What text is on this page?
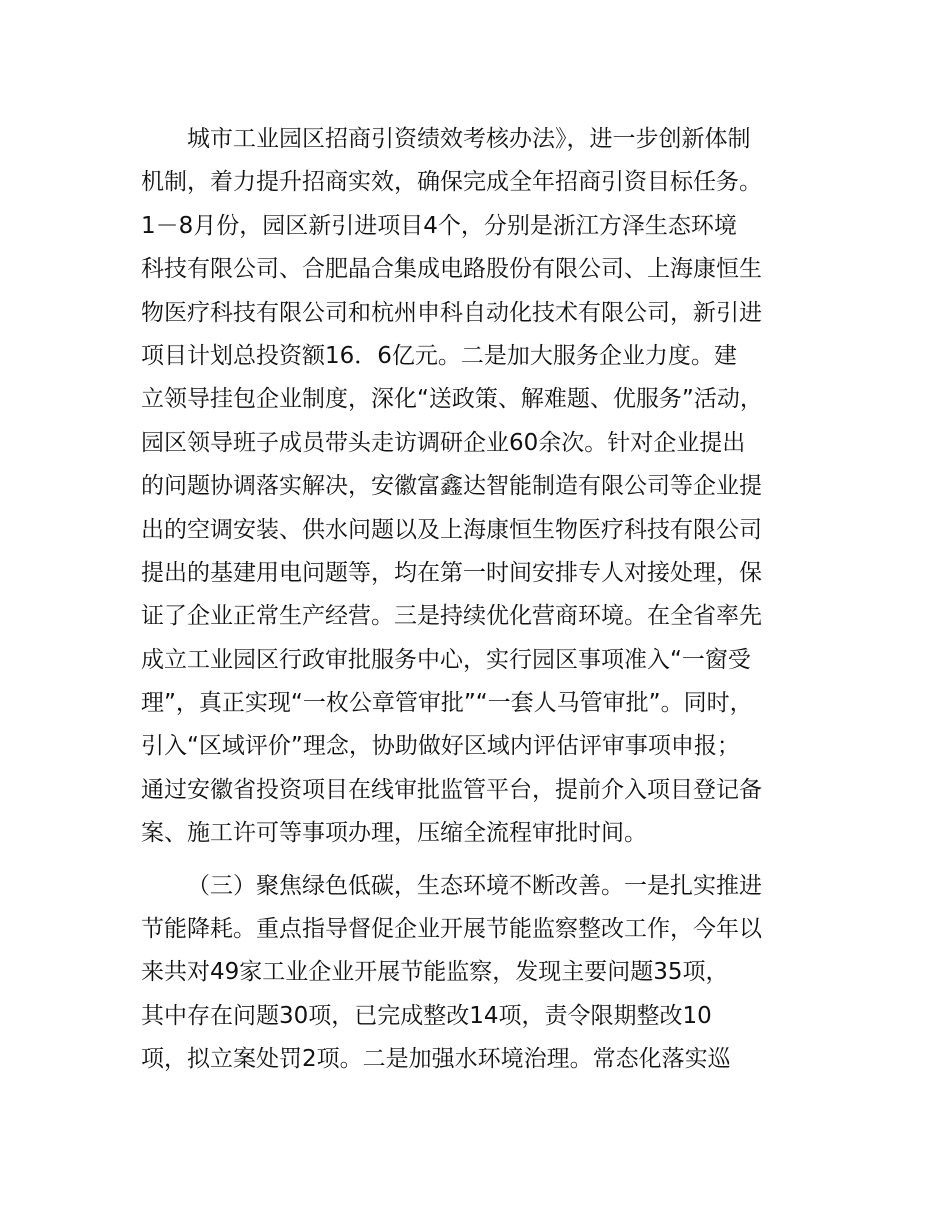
城市工业园区招商引资绩效考核办法》，进一步创新体制
机制，着力提升招商实效，确保完成全年招商引资目标任务。
1－8月份，园区新引进项目4个，分别是浙江方泽生态环境
科技有限公司、合肥晶合集成电路股份有限公司、上海康恒生
物医疗科技有限公司和杭州申科自动化技术有限公司，新引进
项目计划总投资额16．6亿元。二是加大服务企业力度。建
立领导挂包企业制度，深化“送政策、解难题、优服务”活动，
园区领导班子成员带头走访调研企业60余次。针对企业提出
的问题协调落实解决，安徽富鑫达智能制造有限公司等企业提
出的空调安装、供水问题以及上海康恒生物医疗科技有限公司
提出的基建用电问题等，均在第一时间安排专人对接处理，保
证了企业正常生产经营。三是持续优化营商环境。在全省率先
成立工业园区行政审批服务中心，实行园区事项准入“一窗受
理”，真正实现“一枚公章管审批”“一套人马管审批”。同时，
引入“区域评价”理念，协助做好区域内评估评审事项申报；
通过安徽省投资项目在线审批监管平台，提前介入项目登记备
案、施工许可等事项办理，压缩全流程审批时间。
（三）聚焦绿色低碳，生态环境不断改善。一是扎实推进
节能降耗。重点指导督促企业开展节能监察整改工作，今年以
来共对49家工业企业开展节能监察，发现主要问题35项，
其中存在问题30项，已完成整改14项，责令限期整改10
项，拟立案处罚2项。二是加强水环境治理。常态化落实巡
